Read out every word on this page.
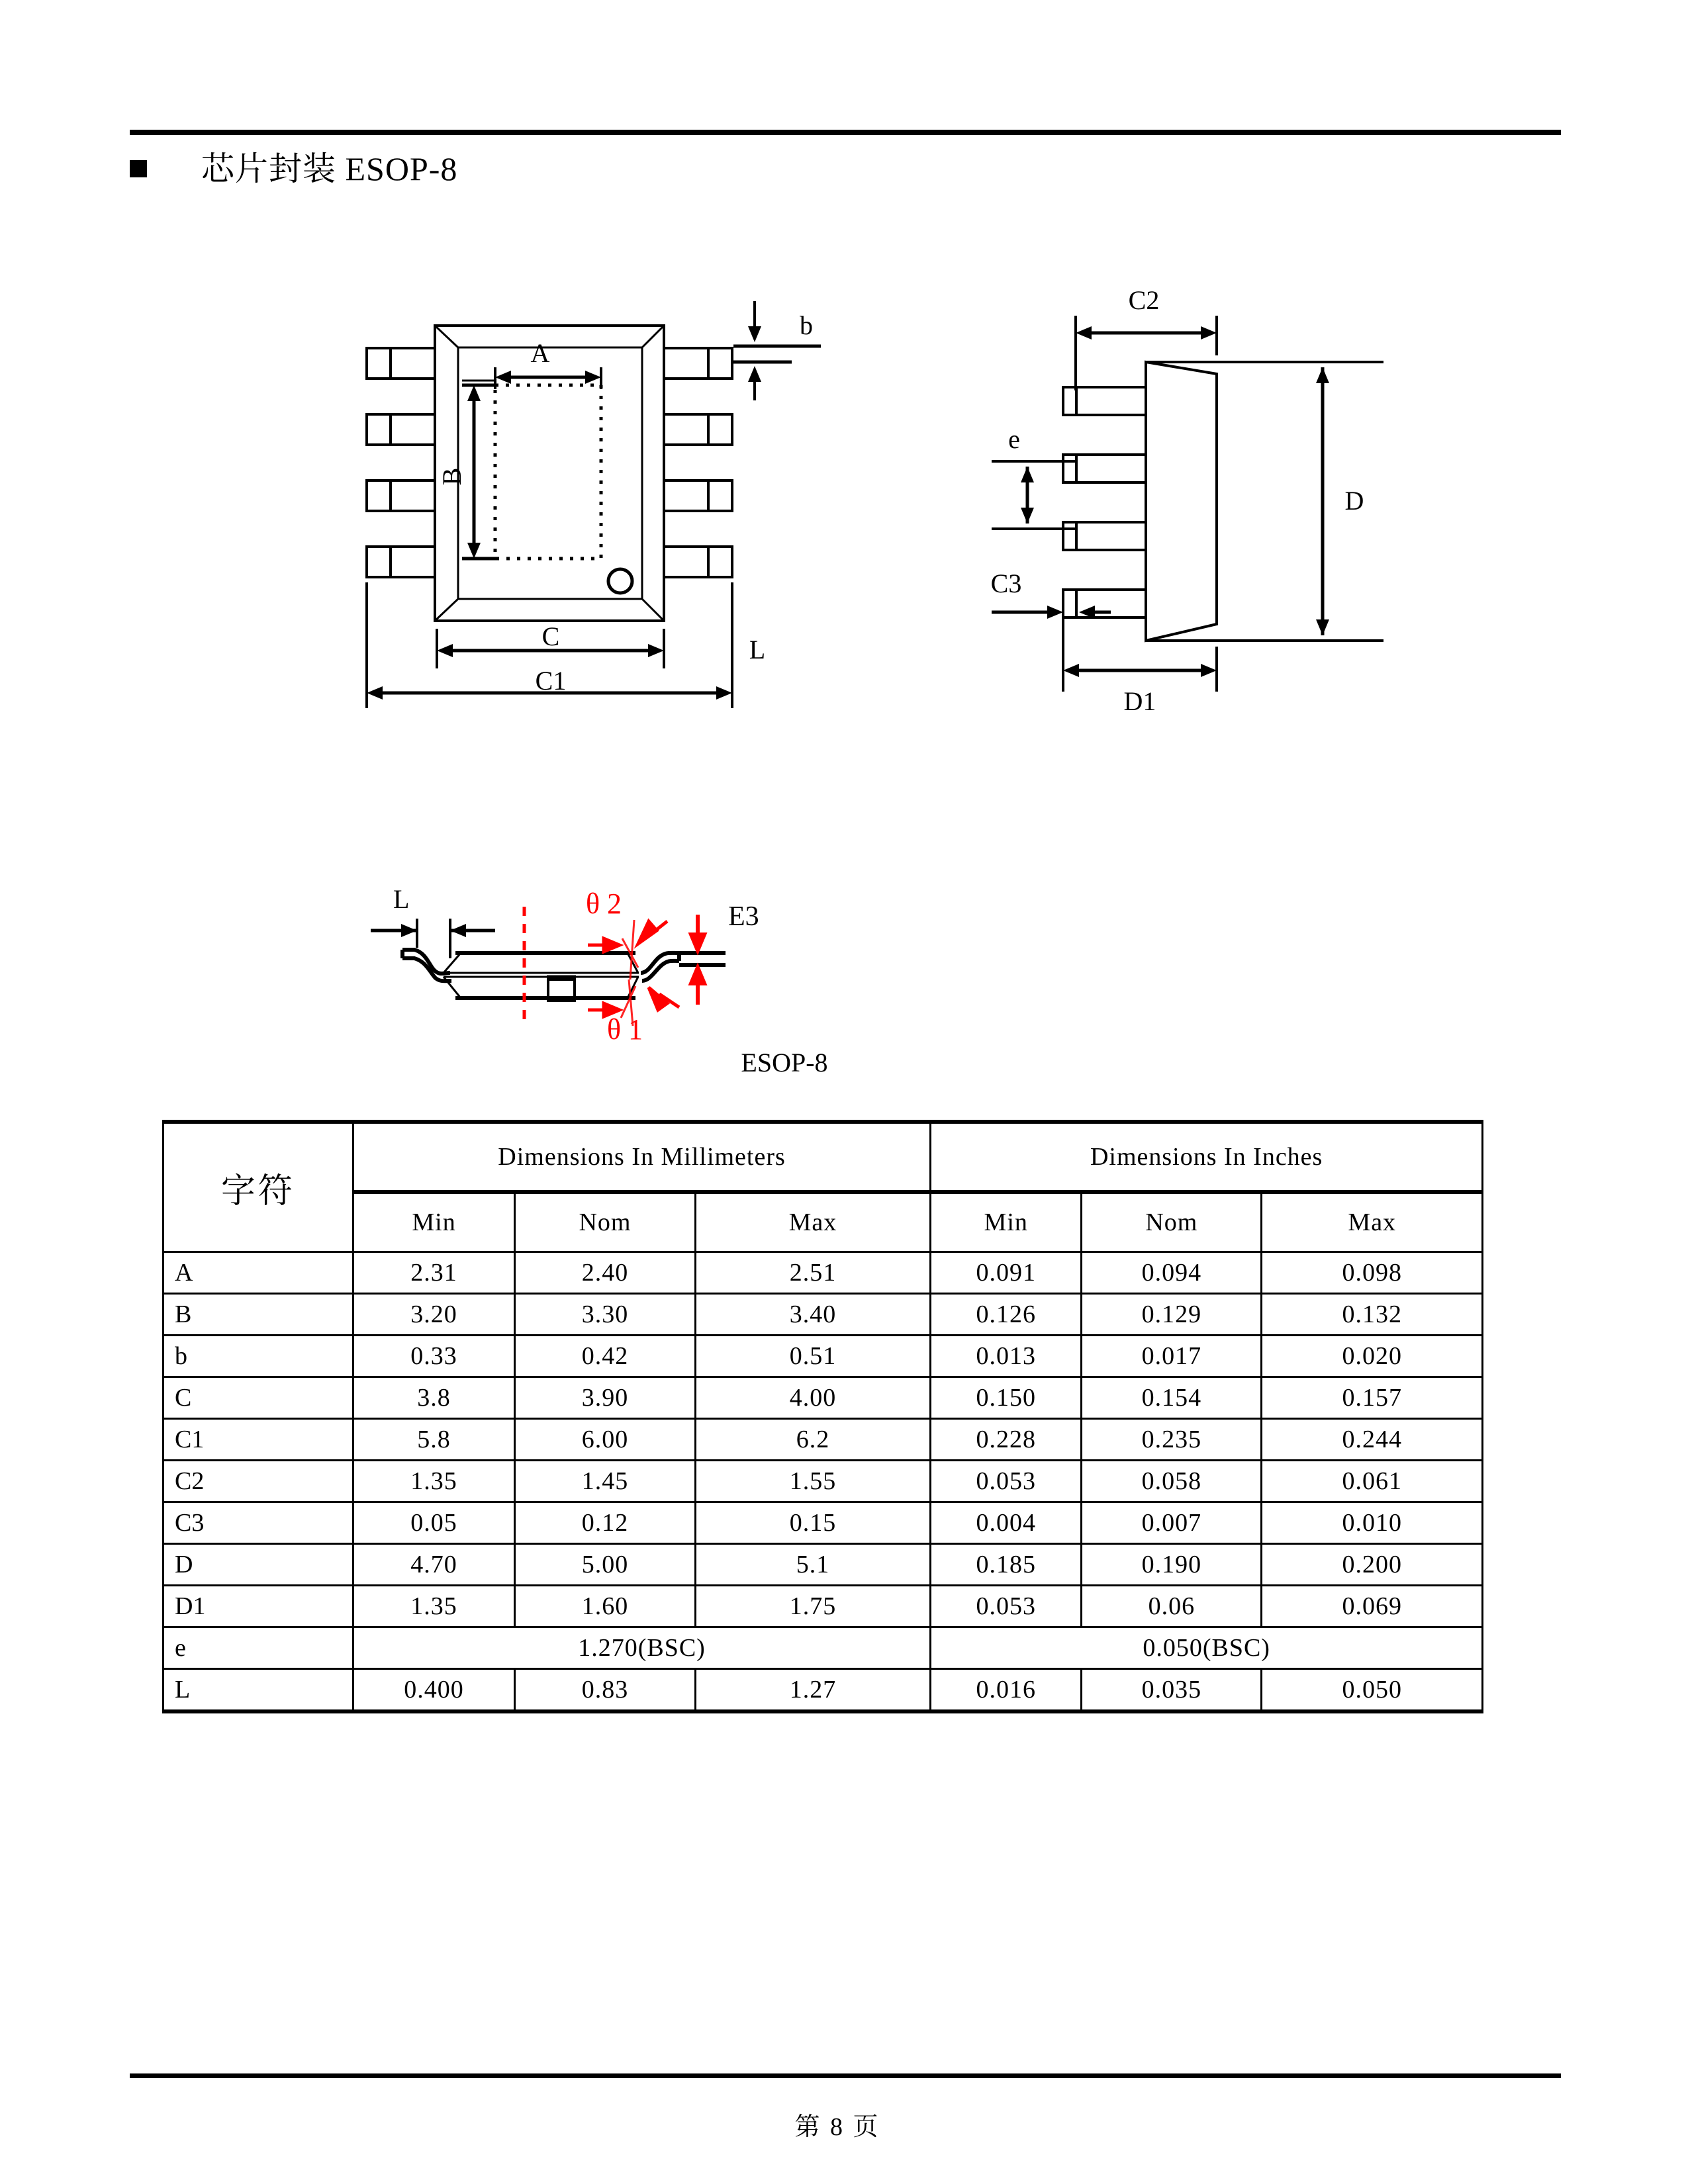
芯片封装 ESOP-8
A
B
C
C1
L
b
C2
e
C3
D
D1
L	θ 2
θ 1
E3
ESOP-8
字符	Dimensions In Millimeters			Dimensions In Inches		
	Min	Nom	Max	Min	Nom	Max
A	2.31	2.40	2.51	0.091	0.094	0.098
B	3.20	3.30	3.40	0.126	0.129	0.132
b	0.33	0.42	0.51	0.013	0.017	0.020
C	3.8	3.90	4.00	0.150	0.154	0.157
C1	5.8	6.00	6.2	0.228	0.235	0.244
C2	1.35	1.45	1.55	0.053	0.058	0.061
C3	0.05	0.12	0.15	0.004	0.007	0.010
D	4.70	5.00	5.1	0.185	0.190	0.200
D1	1.35	1.60	1.75	0.053	0.06	0.069
e	1.270(BSC)			0.050(BSC)		
L	0.400	0.83	1.27	0.016	0.035	0.050
第 8 页
